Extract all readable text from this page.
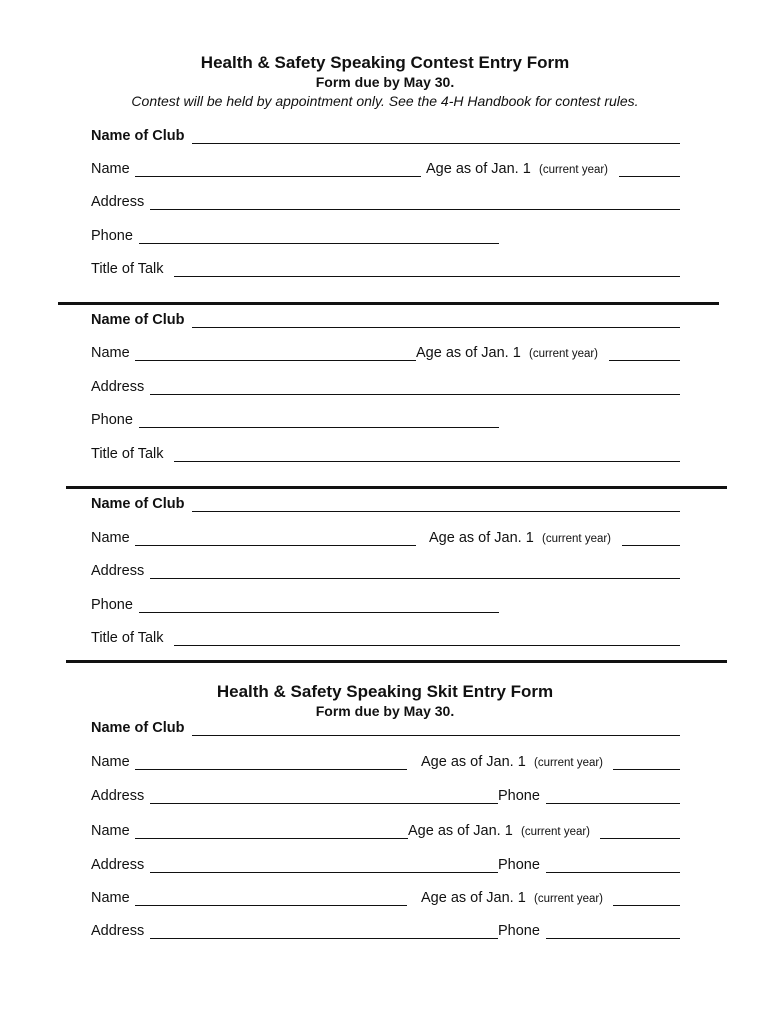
Health & Safety Speaking Contest Entry Form
Form due by May 30.
Contest will be held by appointment only. See the 4-H Handbook for contest rules.
Name of Club
Name	Age as of Jan. 1 (current year)
Address
Phone
Title of Talk
Name of Club
Name	Age as of Jan. 1 (current year)
Address
Phone
Title of Talk
Name of Club
Name	Age as of Jan. 1 (current year)
Address
Phone
Title of Talk
Health & Safety Speaking Skit Entry Form
Form due by May 30.
Name of Club
Name	Age as of Jan. 1 (current year)
Address	Phone
Name	Age as of Jan. 1 (current year)
Address	Phone
Name	Age as of Jan. 1 (current year)
Address	Phone
